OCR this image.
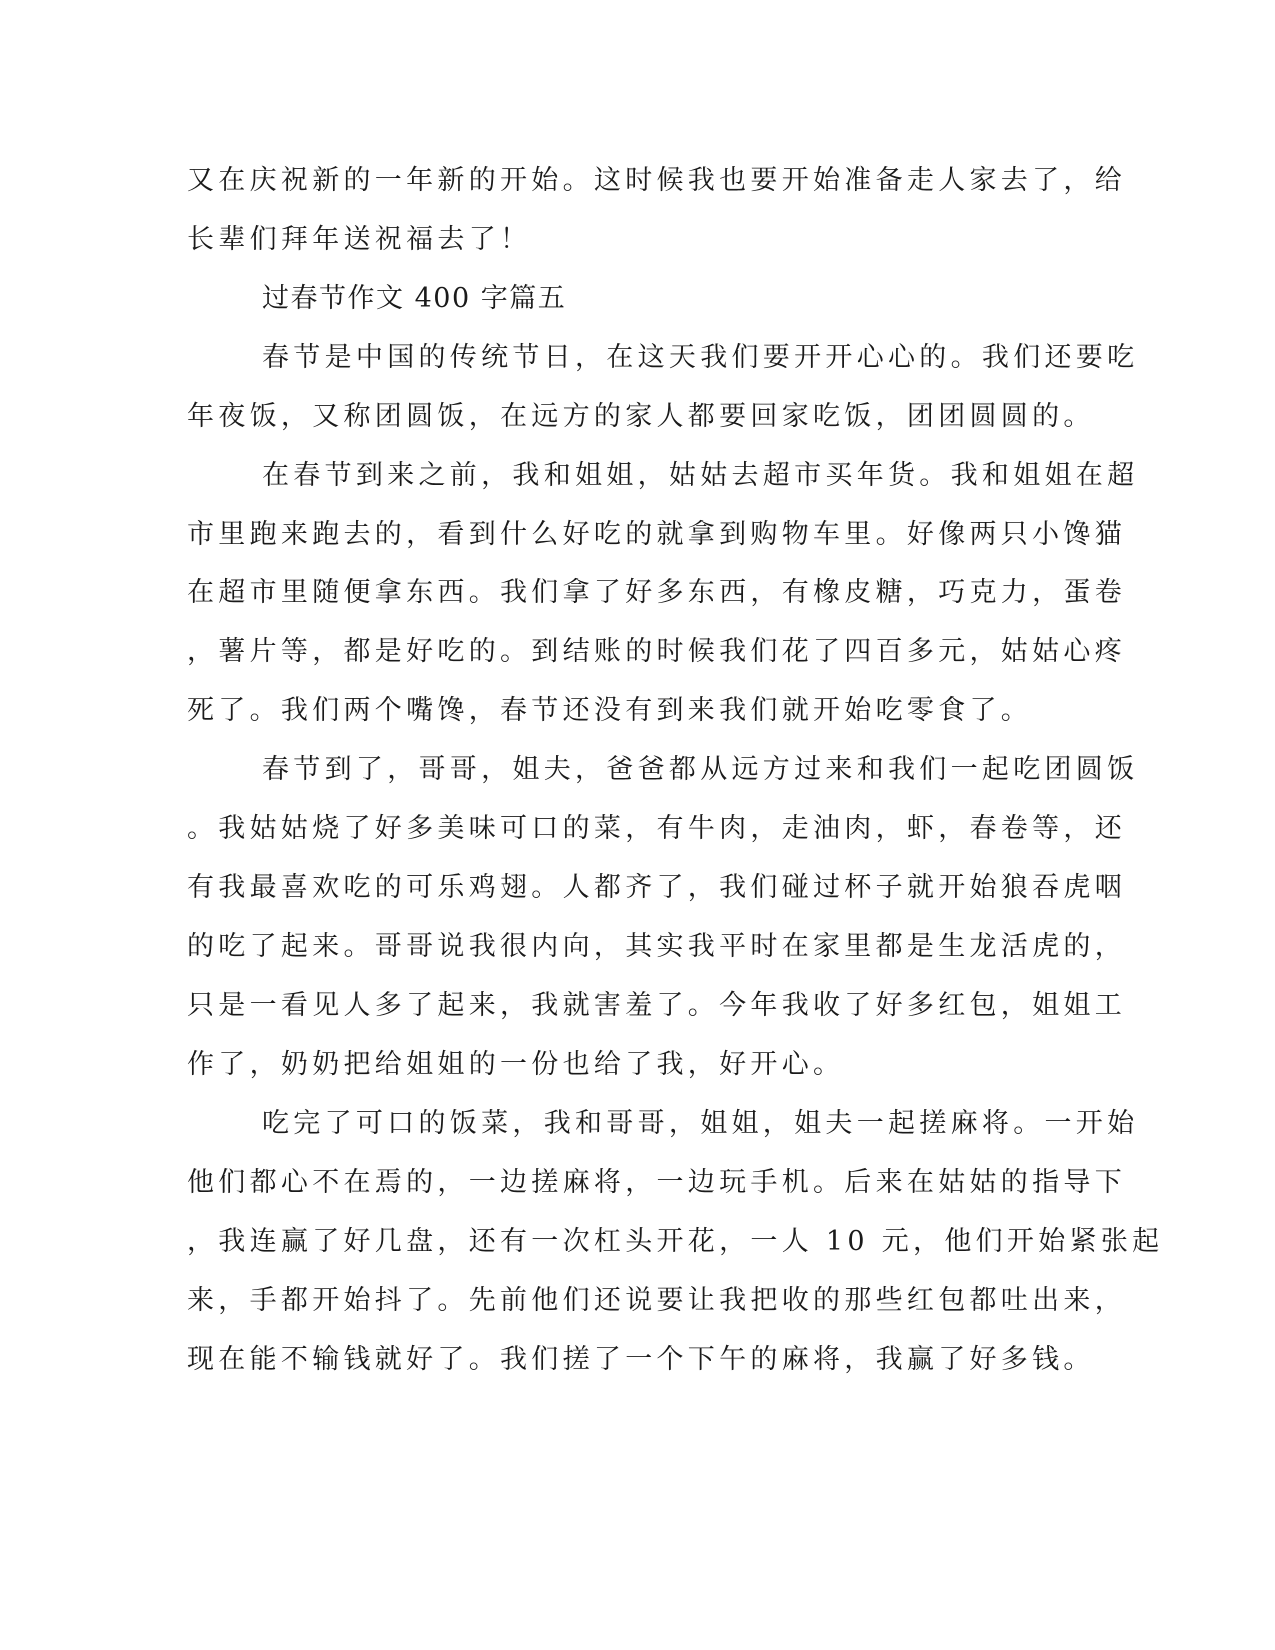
又在庆祝新的一年新的开始。这时候我也要开始准备走人家去了，给

长辈们拜年送祝福去了！

过春节作文 400 字篇五

春节是中国的传统节日，在这天我们要开开心心的。我们还要吃

年夜饭，又称团圆饭，在远方的家人都要回家吃饭，团团圆圆的。

在春节到来之前，我和姐姐，姑姑去超市买年货。我和姐姐在超

市里跑来跑去的，看到什么好吃的就拿到购物车里。好像两只小馋猫

在超市里随便拿东西。我们拿了好多东西，有橡皮糖，巧克力，蛋卷

，薯片等，都是好吃的。到结账的时候我们花了四百多元，姑姑心疼

死了。我们两个嘴馋，春节还没有到来我们就开始吃零食了。

春节到了，哥哥，姐夫，爸爸都从远方过来和我们一起吃团圆饭

。我姑姑烧了好多美味可口的菜，有牛肉，走油肉，虾，春卷等，还

有我最喜欢吃的可乐鸡翅。人都齐了，我们碰过杯子就开始狼吞虎咽

的吃了起来。哥哥说我很内向，其实我平时在家里都是生龙活虎的，

只是一看见人多了起来，我就害羞了。今年我收了好多红包，姐姐工

作了，奶奶把给姐姐的一份也给了我，好开心。

吃完了可口的饭菜，我和哥哥，姐姐，姐夫一起搓麻将。一开始

他们都心不在焉的，一边搓麻将，一边玩手机。后来在姑姑的指导下

，我连赢了好几盘，还有一次杠头开花，一人 10 元，他们开始紧张起

来，手都开始抖了。先前他们还说要让我把收的那些红包都吐出来，

现在能不输钱就好了。我们搓了一个下午的麻将，我赢了好多钱。
